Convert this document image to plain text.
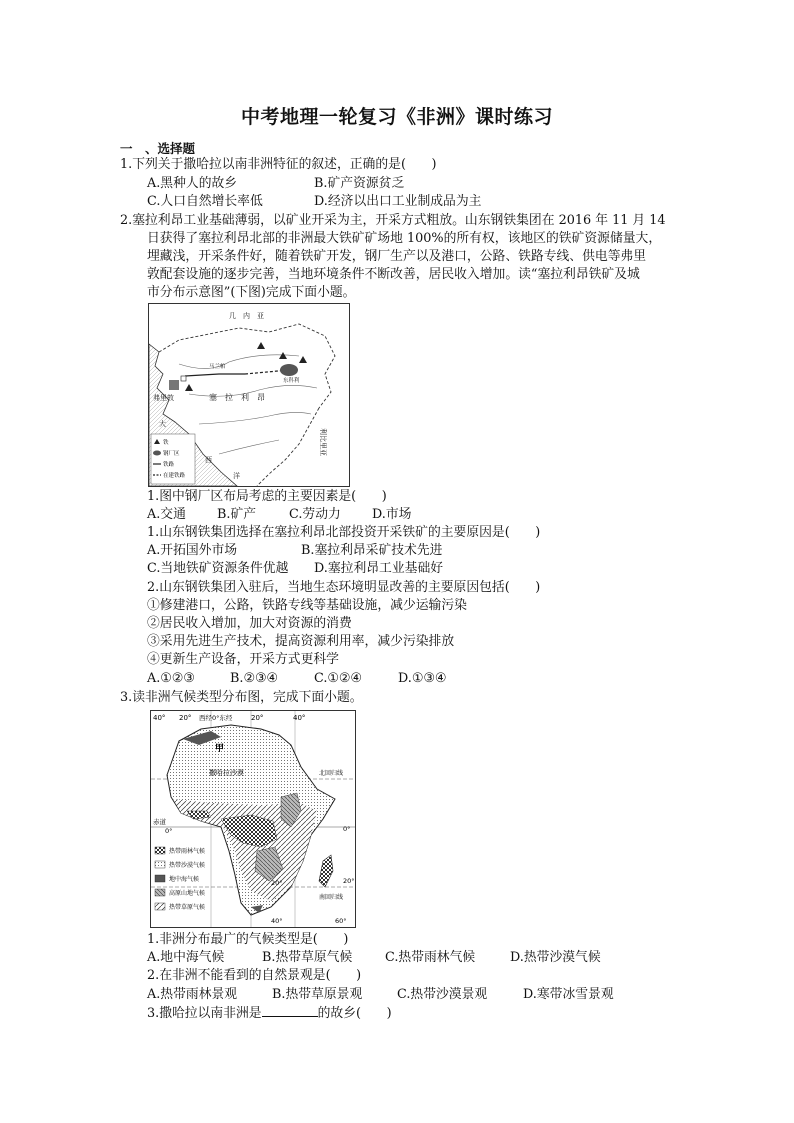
中考地理一轮复习《非洲》课时练习
一　、选择题
1.下列关于撒哈拉以南非洲特征的叙述，正确的是(　　)
A.黑种人的故乡	B.矿产资源贫乏
C.人口自然增长率低	D.经济以出口工业制成品为主
2.塞拉利昂工业基础薄弱，以矿业开采为主，开采方式粗放。山东钢铁集团在 2016 年 11 月 14
日获得了塞拉利昂北部的非洲最大铁矿矿场地 100%的所有权，该地区的铁矿资源储量大，
埋藏浅，开采条件好，随着铁矿开发，钢厂生产以及港口，公路、铁路专线、供电等弗里
敦配套设施的逐步完善，当地环境条件不断改善，居民收入增加。读“塞拉利昂铁矿及城
市分布示意图”(下图)完成下面小题。
几　内　亚
塞　拉　利　昂
利比里亚
弗里敦
马兰帕
东科利
大
西
洋
铁
钢厂区
铁路
在建铁路
1.图中钢厂区布局考虑的主要因素是(　　)
A.交通 B.矿产	C.劳动力 D.市场
1.山东钢铁集团选择在塞拉利昂北部投资开采铁矿的主要原因是(　　)
A.开拓国外市场	B.塞拉利昂采矿技术先进
C.当地铁矿资源条件优越 D.塞拉利昂工业基础好
2.山东钢铁集团入驻后，当地生态环境明显改善的主要原因包括(　　)
①修建港口，公路，铁路专线等基础设施，减少运输污染
②居民收入增加，加大对资源的消费
③采用先进生产技术，提高资源利用率，减少污染排放
④更新生产设备，开采方式更科学
A.①②③	B.②③④	C.①②④	D.①③④
3.读非洲气候类型分布图，完成下面小题。
40° 20° 西经0°东经	20°	40°
甲
撒哈拉沙漠	北回归线
赤道
0°	0°
20°
20°
南回归线
40°	60°
热带雨林气候
热带沙漠气候
地中海气候
高原山地气候
热带草原气候
1.非洲分布最广的气候类型是(　　)
A.地中海气候	B.热带草原气候	C.热带雨林气候	D.热带沙漠气候
2.在非洲不能看到的自然景观是(　　)
A.热带雨林景观	B.热带草原景观	C.热带沙漠景观	D.寒带冰雪景观
3.撒哈拉以南非洲是	的故乡(　　)
